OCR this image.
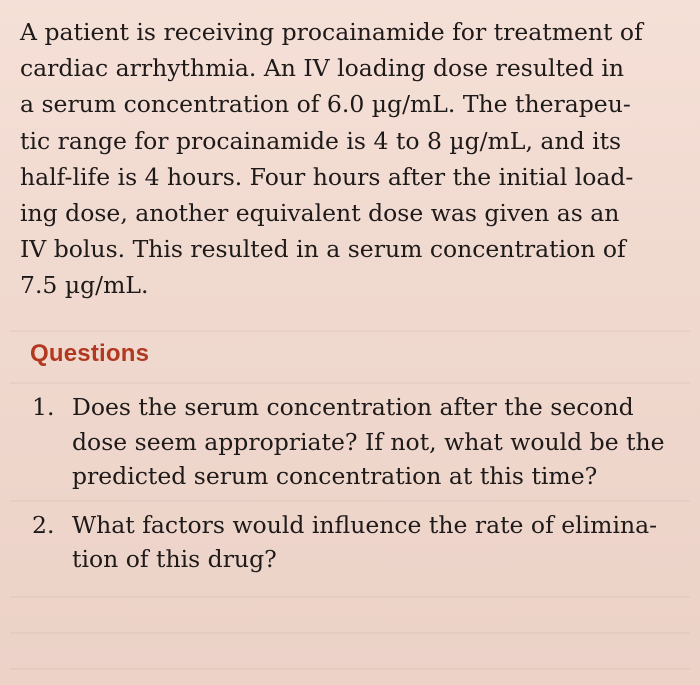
A patient is receiving procainamide for treatment of
cardiac arrhythmia. An IV loading dose resulted in
a serum concentration of 6.0 µg/mL. The therapeu-
tic range for procainamide is 4 to 8 µg/mL, and its
half-life is 4 hours. Four hours after the initial load-
ing dose, another equivalent dose was given as an
IV bolus. This resulted in a serum concentration of
7.5 µg/mL.

Questions
1. Does the serum concentration after the second
dose seem appropriate? If not, what would be the
predicted serum concentration at this time?
2. What factors would influence the rate of elimina-
tion of this drug?
